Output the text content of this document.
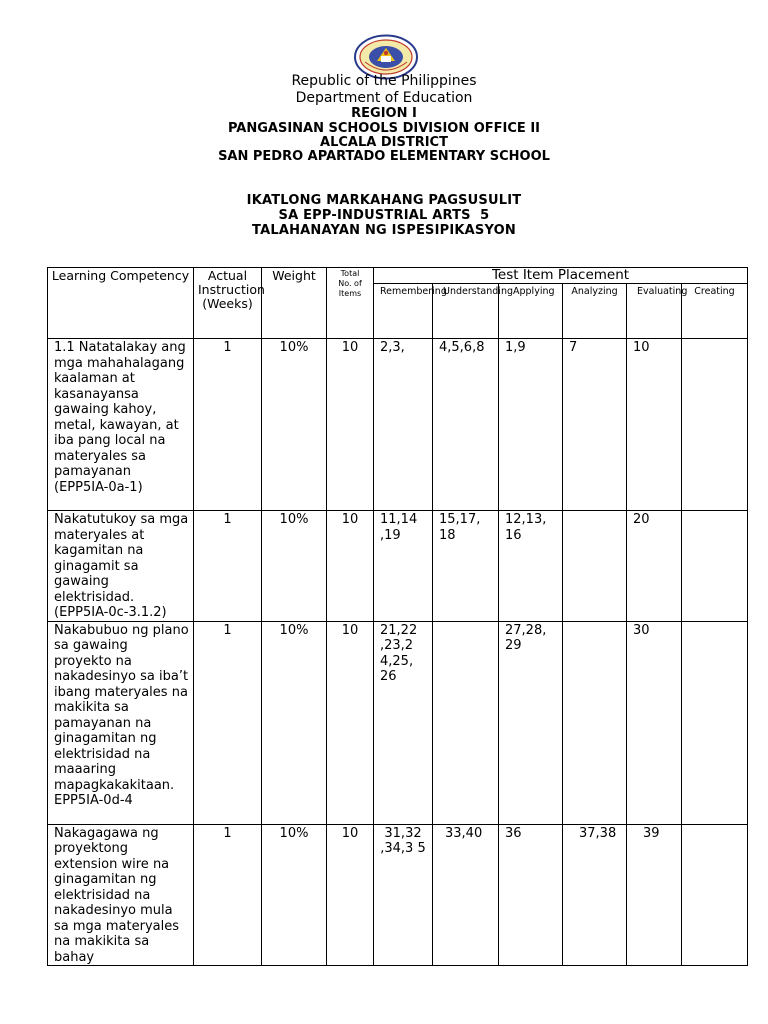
Republic of the Philippines
Department of Education
REGION I
PANGASINAN SCHOOLS DIVISION OFFICE II
ALCALA DISTRICT
SAN PEDRO APARTADO ELEMENTARY SCHOOL
IKATLONG MARKAHANG PAGSUSULIT
SA EPP-INDUSTRIAL ARTS  5
TALAHANAYAN NG ISPESIPIKASYON
Learning Competency	Actual Instruction (Weeks)	Weight	Total No. of Items	Test Item Placement					
				Remembering	Understanding	Applying	Analyzing	Evaluating	Creating
1.1 Natatalakay ang mga mahahalagang kaalaman at kasanayansa gawaing kahoy, metal, kawayan, at iba pang local na materyales sa pamayanan (EPP5IA-0a-1)	1	10%	10	2,3,	4,5,6,8	1,9	7	10	
Nakatutukoy sa mga materyales at kagamitan na ginagamit sa gawaing elektrisidad. (EPP5IA-0c-3.1.2)	1	10%	10	11,14 ,19	15,17, 18	12,13, 16		20	
Nakabubuo ng plano sa gawaing proyekto na nakadesinyo sa iba’t ibang materyales na makikita sa pamayanan na ginagamitan ng elektrisidad na maaaring mapagkakakitaan. EPP5IA-0d-4	1	10%	10	21,22 ,23,2 4,25, 26		27,28, 29		30	
Nakagagawa ng proyektong extension wire na ginagamitan ng elektrisidad na nakadesinyo mula sa mga materyales na makikita sa bahay	1	10%	10	31,32 ,34,3 5	33,40	36	37,38	39	
